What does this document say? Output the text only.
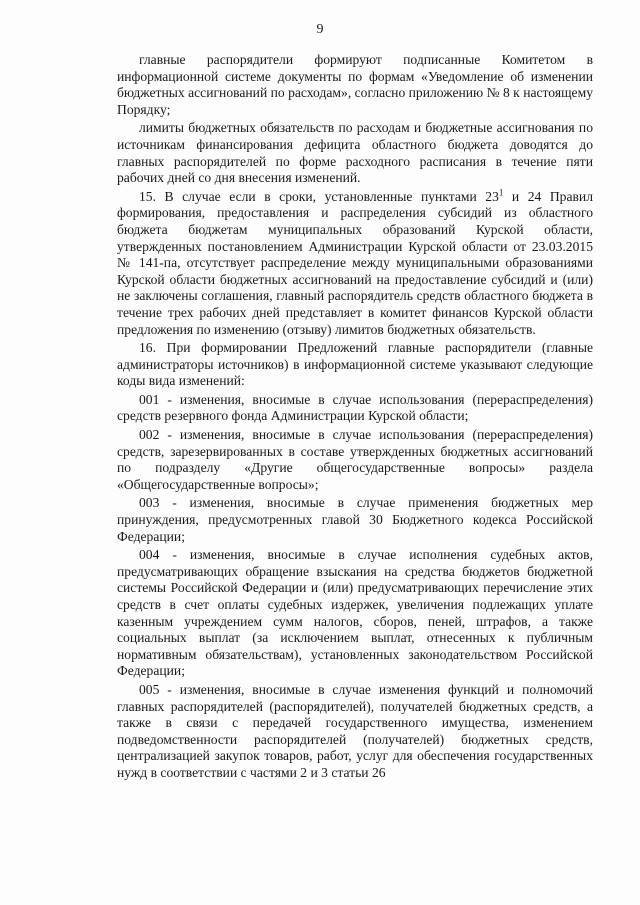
9

главные распорядители формируют подписанные Комитетом в информационной системе документы по формам «Уведомление об изменении бюджетных ассигнований по расходам», согласно приложению № 8 к настоящему Порядку;

лимиты бюджетных обязательств по расходам и бюджетные ассигнования по источникам финансирования дефицита областного бюджета доводятся до главных распорядителей по форме расходного расписания в течение пяти рабочих дней со дня внесения изменений.

15. В случае если в сроки, установленные пунктами $23^1$ и 24 Правил формирования, предоставления и распределения субсидий из областного бюджета бюджетам муниципальных образований Курской области, утвержденных постановлением Администрации Курской области от 23.03.2015 № 141-па, отсутствует распределение между муниципальными образованиями Курской области бюджетных ассигнований на предоставление субсидий и (или) не заключены соглашения, главный распорядитель средств областного бюджета в течение трех рабочих дней представляет в комитет финансов Курской области предложения по изменению (отзыву) лимитов бюджетных обязательств.

16. При формировании Предложений главные распорядители (главные администраторы источников) в информационной системе указывают следующие коды вида изменений:

001 - изменения, вносимые в случае использования (перераспределения) средств резервного фонда Администрации Курской области;

002 - изменения, вносимые в случае использования (перераспределения) средств, зарезервированных в составе утвержденных бюджетных ассигнований по подразделу «Другие общегосударственные вопросы» раздела «Общегосударственные вопросы»;

003 - изменения, вносимые в случае применения бюджетных мер принуждения, предусмотренных главой 30 Бюджетного кодекса Российской Федерации;

004 - изменения, вносимые в случае исполнения судебных актов, предусматривающих обращение взыскания на средства бюджетов бюджетной системы Российской Федерации и (или) предусматривающих перечисление этих средств в счет оплаты судебных издержек, увеличения подлежащих уплате казенным учреждением сумм налогов, сборов, пеней, штрафов, а также социальных выплат (за исключением выплат, отнесенных к публичным нормативным обязательствам), установленных законодательством Российской Федерации;

005 - изменения, вносимые в случае изменения функций и полномочий главных распорядителей (распорядителей), получателей бюджетных средств, а также в связи с передачей государственного имущества, изменением подведомственности распорядителей (получателей) бюджетных средств, централизацией закупок товаров, работ, услуг для обеспечения государственных нужд в соответствии с частями 2 и 3 статьи 26
